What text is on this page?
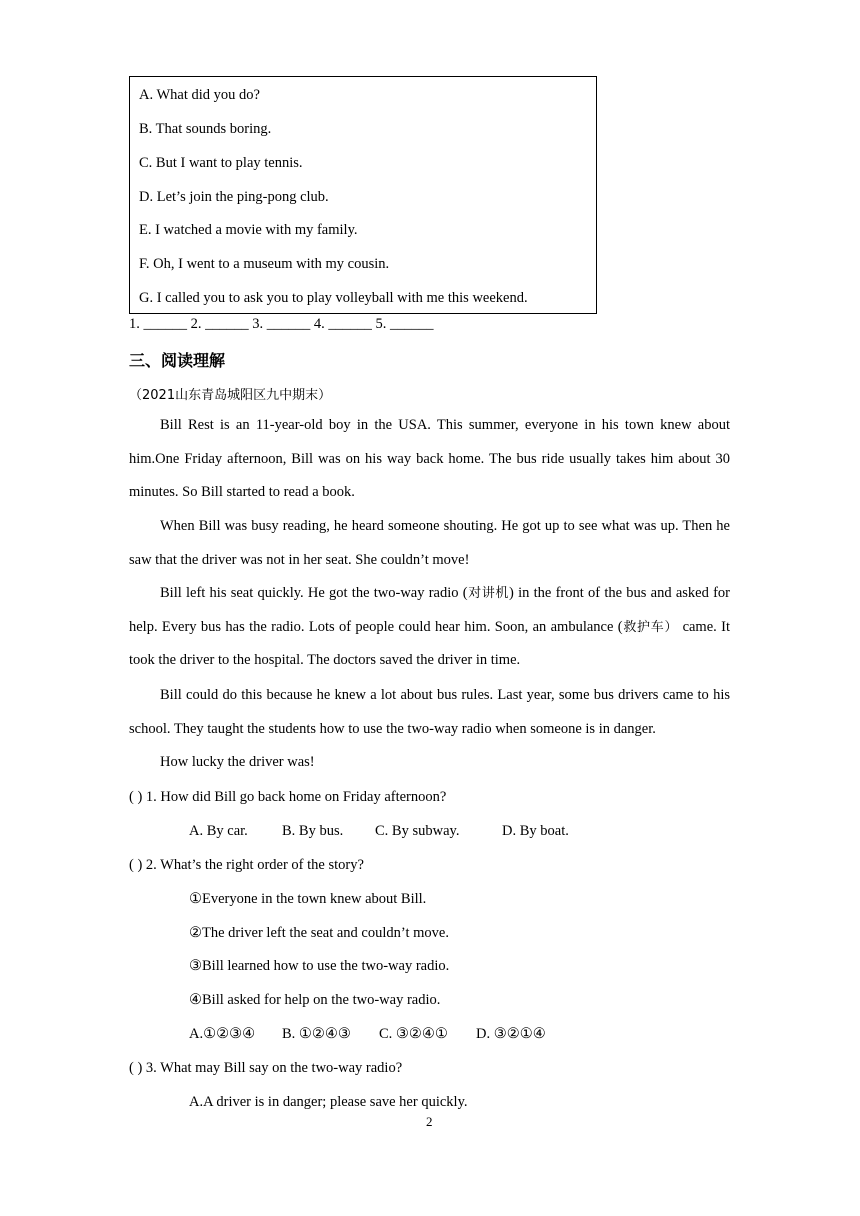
A. What did you do?
B. That sounds boring.
C. But I want to play tennis.
D. Let’s join the ping-pong club.
E. I watched a movie with my family.
F. Oh, I went to a museum with my cousin.
G. I called you to ask you to play volleyball with me this weekend.
1. ______ 2. ______ 3. ______ 4. ______ 5. ______
三、阅读理解
（2021山东青岛城阳区九中期末）
Bill Rest is an 11-year-old boy in the USA. This summer, everyone in his town knew about him.One Friday afternoon, Bill was on his way back home. The bus ride usually takes him about 30 minutes. So Bill started to read a book.
When Bill was busy reading, he heard someone shouting. He got up to see what was up. Then he saw that the driver was not in her seat. She couldn’t move!
Bill left his seat quickly. He got the two-way radio (对讲机) in the front of the bus and asked for help. Every bus has the radio. Lots of people could hear him. Soon, an ambulance (救护车） came. It took the driver to the hospital. The doctors saved the driver in time.
Bill could do this because he knew a lot about bus rules. Last year, some bus drivers came to his school. They taught the students how to use the two-way radio when someone is in danger.
How lucky the driver was!
( ) 1. How did Bill go back home on Friday afternoon?
A. By car. B. By bus. C. By subway.	D. By boat.
( ) 2. What’s the right order of the story?
①Everyone in the town knew about Bill.
②The driver left the seat and couldn’t move.
③Bill learned how to use the two-way radio.
④Bill asked for help on the two-way radio.
A.①②③④ B. ①②④③ C. ③②④① D. ③②①④
( ) 3. What may Bill say on the two-way radio?
A.A driver is in danger; please save her quickly.
2
